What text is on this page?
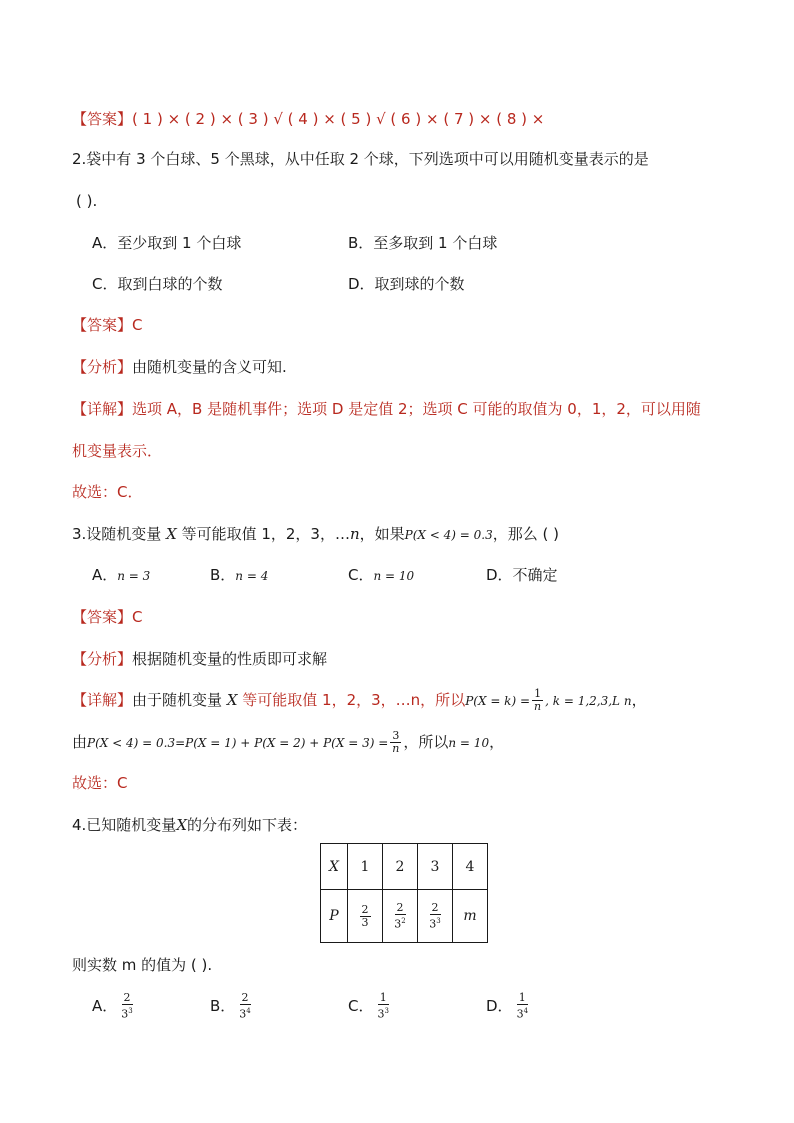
【答案】( 1 ) × ( 2 ) × ( 3 ) √ ( 4 ) × ( 5 ) √ ( 6 ) × ( 7 ) × ( 8 ) ×
2.袋中有 3 个白球、5 个黑球，从中任取 2 个球，下列选项中可以用随机变量表示的是
( ).
A．至少取到 1 个白球	B．至多取到 1 个白球
C．取到白球的个数	D．取到球的个数
【答案】C
【分析】由随机变量的含义可知.
【详解】选项 A，B 是随机事件；选项 D 是定值 2；选项 C 可能的取值为 0，1，2，可以用随
机变量表示．
故选：C．
3.设随机变量 X 等可能取值 1，2，3，…n，如果P(X < 4) = 0.3，那么 ( )
A．n = 3	B．n = 4	C．n = 10	D．不确定
【答案】C
【分析】根据随机变量的性质即可求解
【详解】由于随机变量 X 等可能取值 1，2，3，…n，所以$P(X = k) = \frac{1}{n}$ , k = 1,2,3,L n，
由$P(X < 4) = 0.3=P(X = 1) + P(X = 2) + P(X = 3) = \frac{3}{n}$ ，所以n = 10，
故选：C
4.已知随机变量X的分布列如下表：
X	1	2	3	4
P	$\frac{2}{3}$	$\frac{2}{3^2}$	$\frac{2}{3^3}$	m
则实数 m 的值为 ( ).
A． $\frac{2}{3^3}$	B． $\frac{2}{3^4}$	C． $\frac{1}{3^3}$	D． $\frac{1}{3^4}$
